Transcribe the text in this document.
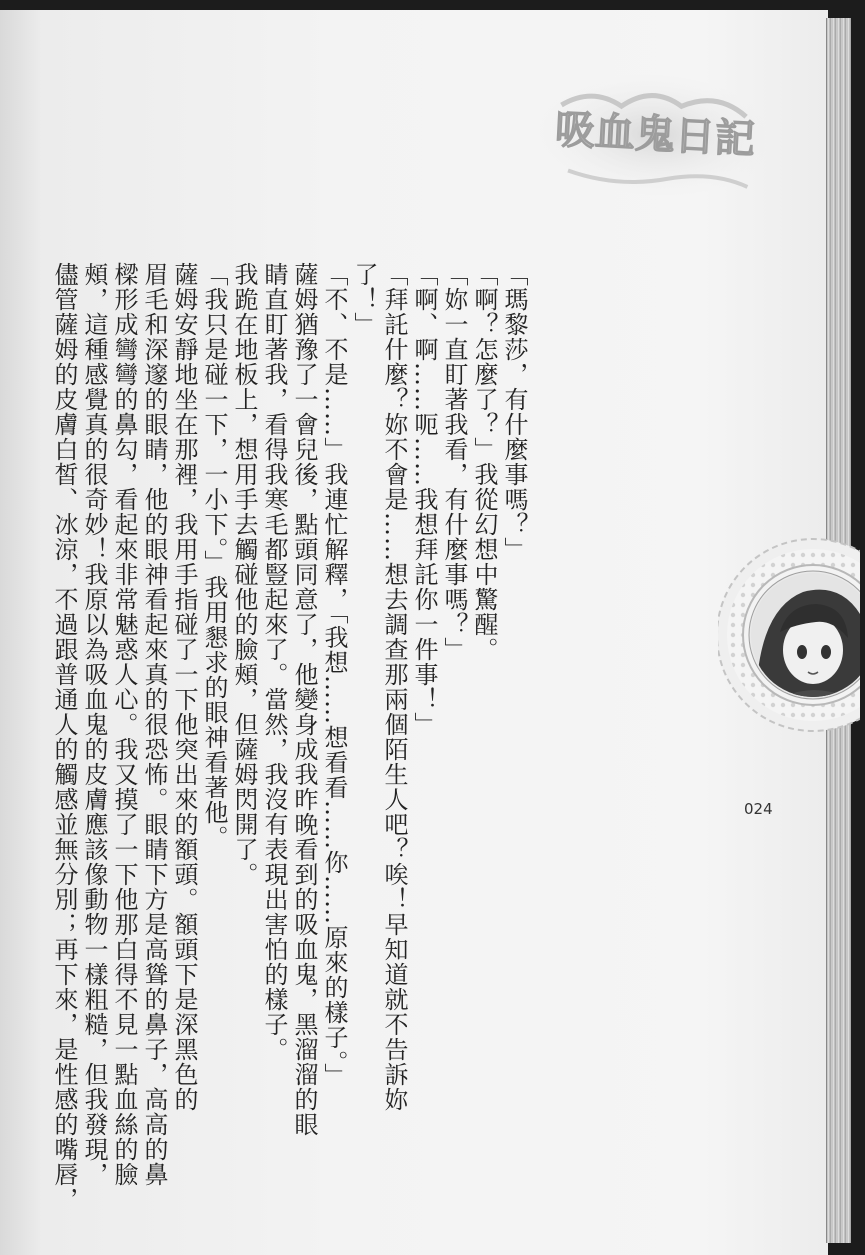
吸血鬼日記
「瑪黎莎，有什麼事嗎？」
「啊？怎麼了？」我從幻想中驚醒。
「妳一直盯著我看，有什麼事嗎？」
「啊、啊……呃……我想拜託你一件事！」
「拜託什麼？妳不會是……想去調查那兩個陌生人吧？唉！早知道就不告訴妳
了！」
「不、不是……」我連忙解釋，「我想……想看看……你……原來的樣子。」
薩姆猶豫了一會兒後，點頭同意了，他變身成我昨晚看到的吸血鬼，黑溜溜的眼
睛直盯著我，看得我寒毛都豎起來了。當然，我沒有表現出害怕的樣子。
我跪在地板上，想用手去觸碰他的臉頰，但薩姆閃開了。
「我只是碰一下，一小下。」我用懇求的眼神看著他。
薩姆安靜地坐在那裡，我用手指碰了一下他突出來的額頭。額頭下是深黑色的
眉毛和深邃的眼睛，他的眼神看起來真的很恐怖。眼睛下方是高聳的鼻子，高高的鼻
樑形成彎彎的鼻勾，看起來非常魅惑人心。我又摸了一下他那白得不見一點血絲的臉
頰，這種感覺真的很奇妙！我原以為吸血鬼的皮膚應該像動物一樣粗糙，但我發現，
儘管薩姆的皮膚白皙、冰涼，不過跟普通人的觸感並無分別；再下來，是性感的嘴唇，	024
